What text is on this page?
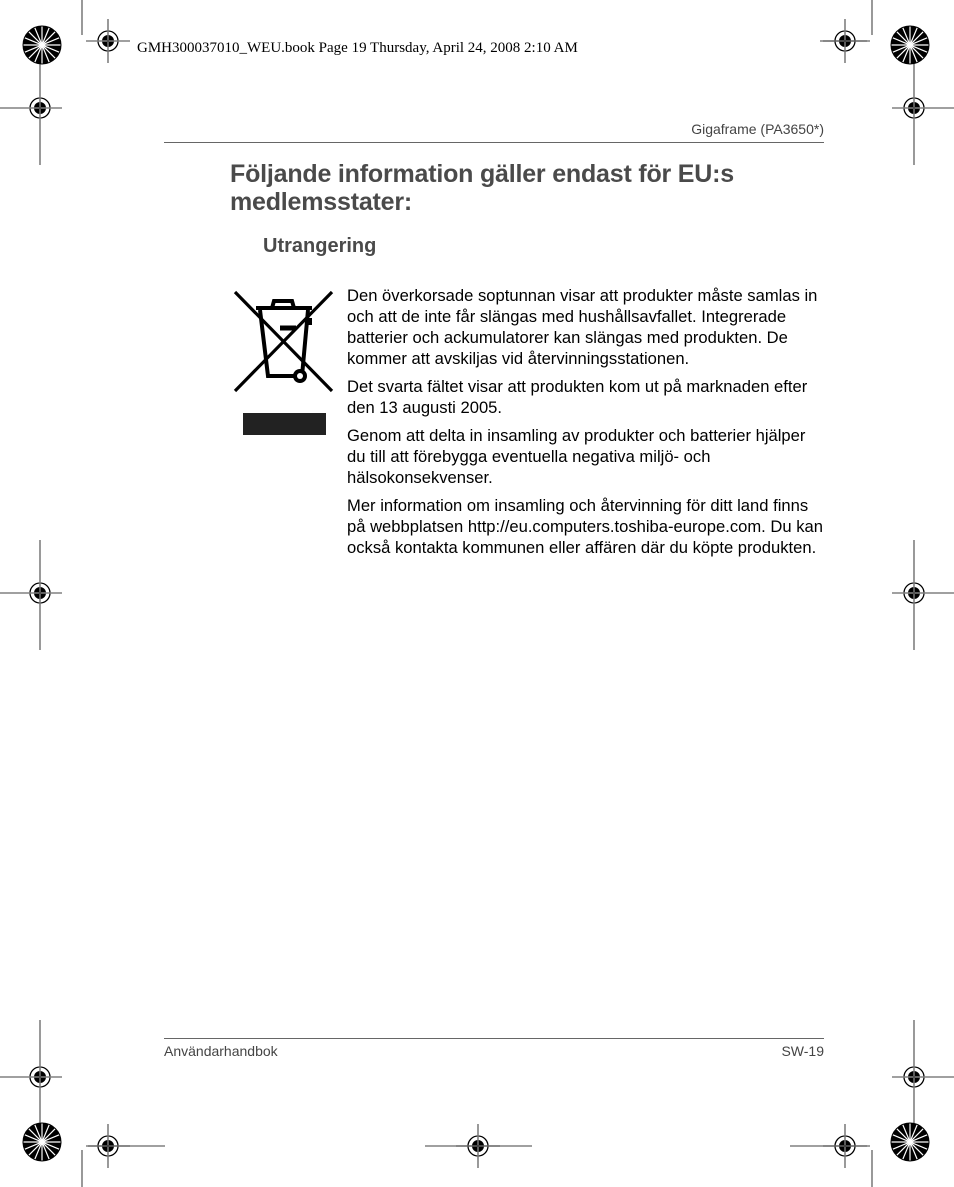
GMH300037010_WEU.book Page 19 Thursday, April 24, 2008 2:10 AM
Gigaframe (PA3650*)
Följande information gäller endast för EU:s medlemsstater:
Utrangering

Den överkorsade soptunnan visar att produkter måste samlas in och att de inte får slängas med hushållsavfallet. Integrerade batterier och ackumulatorer kan slängas med produkten. De kommer att avskiljas vid återvinningsstationen.

Det svarta fältet visar att produkten kom ut på marknaden efter den 13 augusti 2005.

Genom att delta in insamling av produkter och batterier hjälper du till att förebygga eventuella negativa miljö- och hälsokonsekvenser.

Mer information om insamling och återvinning för ditt land finns på webbplatsen http://eu.computers.toshiba-europe.com. Du kan också kontakta kommunen eller affären där du köpte produkten.

Användarhandbok	SW-19
